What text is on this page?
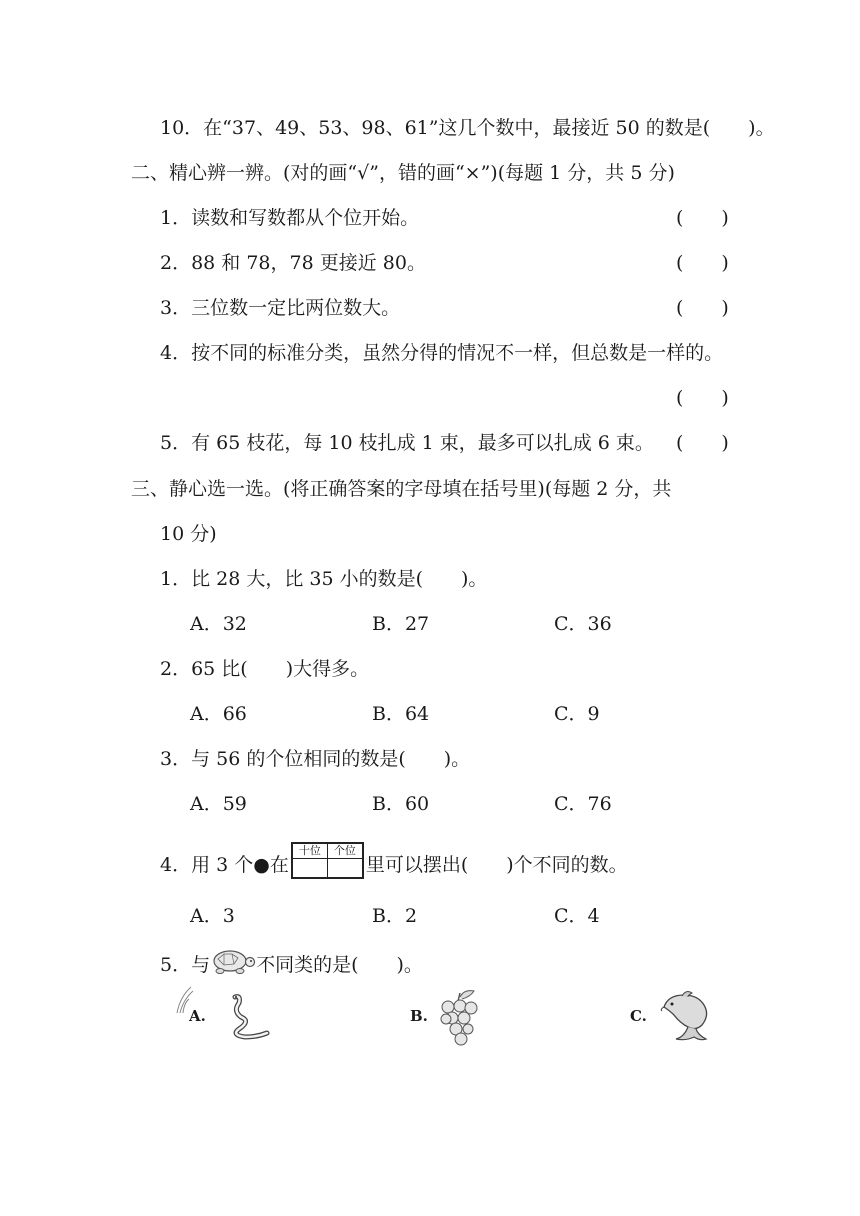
10．在“37、49、53、98、61”这几个数中，最接近 50 的数是(　　)。
二、精心辨一辨。(对的画“√”，错的画“×”)(每题 1 分，共 5 分)
1．读数和写数都从个位开始。	(　　)
2．88 和 78，78 更接近 80。	(　　)
3．三位数一定比两位数大。	(　　)
4．按不同的标准分类，虽然分得的情况不一样，但总数是一样的。
(　　)
5．有 65 枝花，每 10 枝扎成 1 束，最多可以扎成 6 束。 (　　)
三、静心选一选。(将正确答案的字母填在括号里)(每题 2 分，共
10 分)
1．比 28 大，比 35 小的数是(　　)。
A．32	B．27	C．36
2．65 比(　　)大得多。
A．66	B．64	C．9
3．与 56 的个位相同的数是(　　)。
A．59	B．60	C．76
4．用 3 个●在
十位	个位

里可以摆出(　　)个不同的数。
A．3	B．2	C．4
5．与 不同类的是(　　)。
A.	B.	C.
